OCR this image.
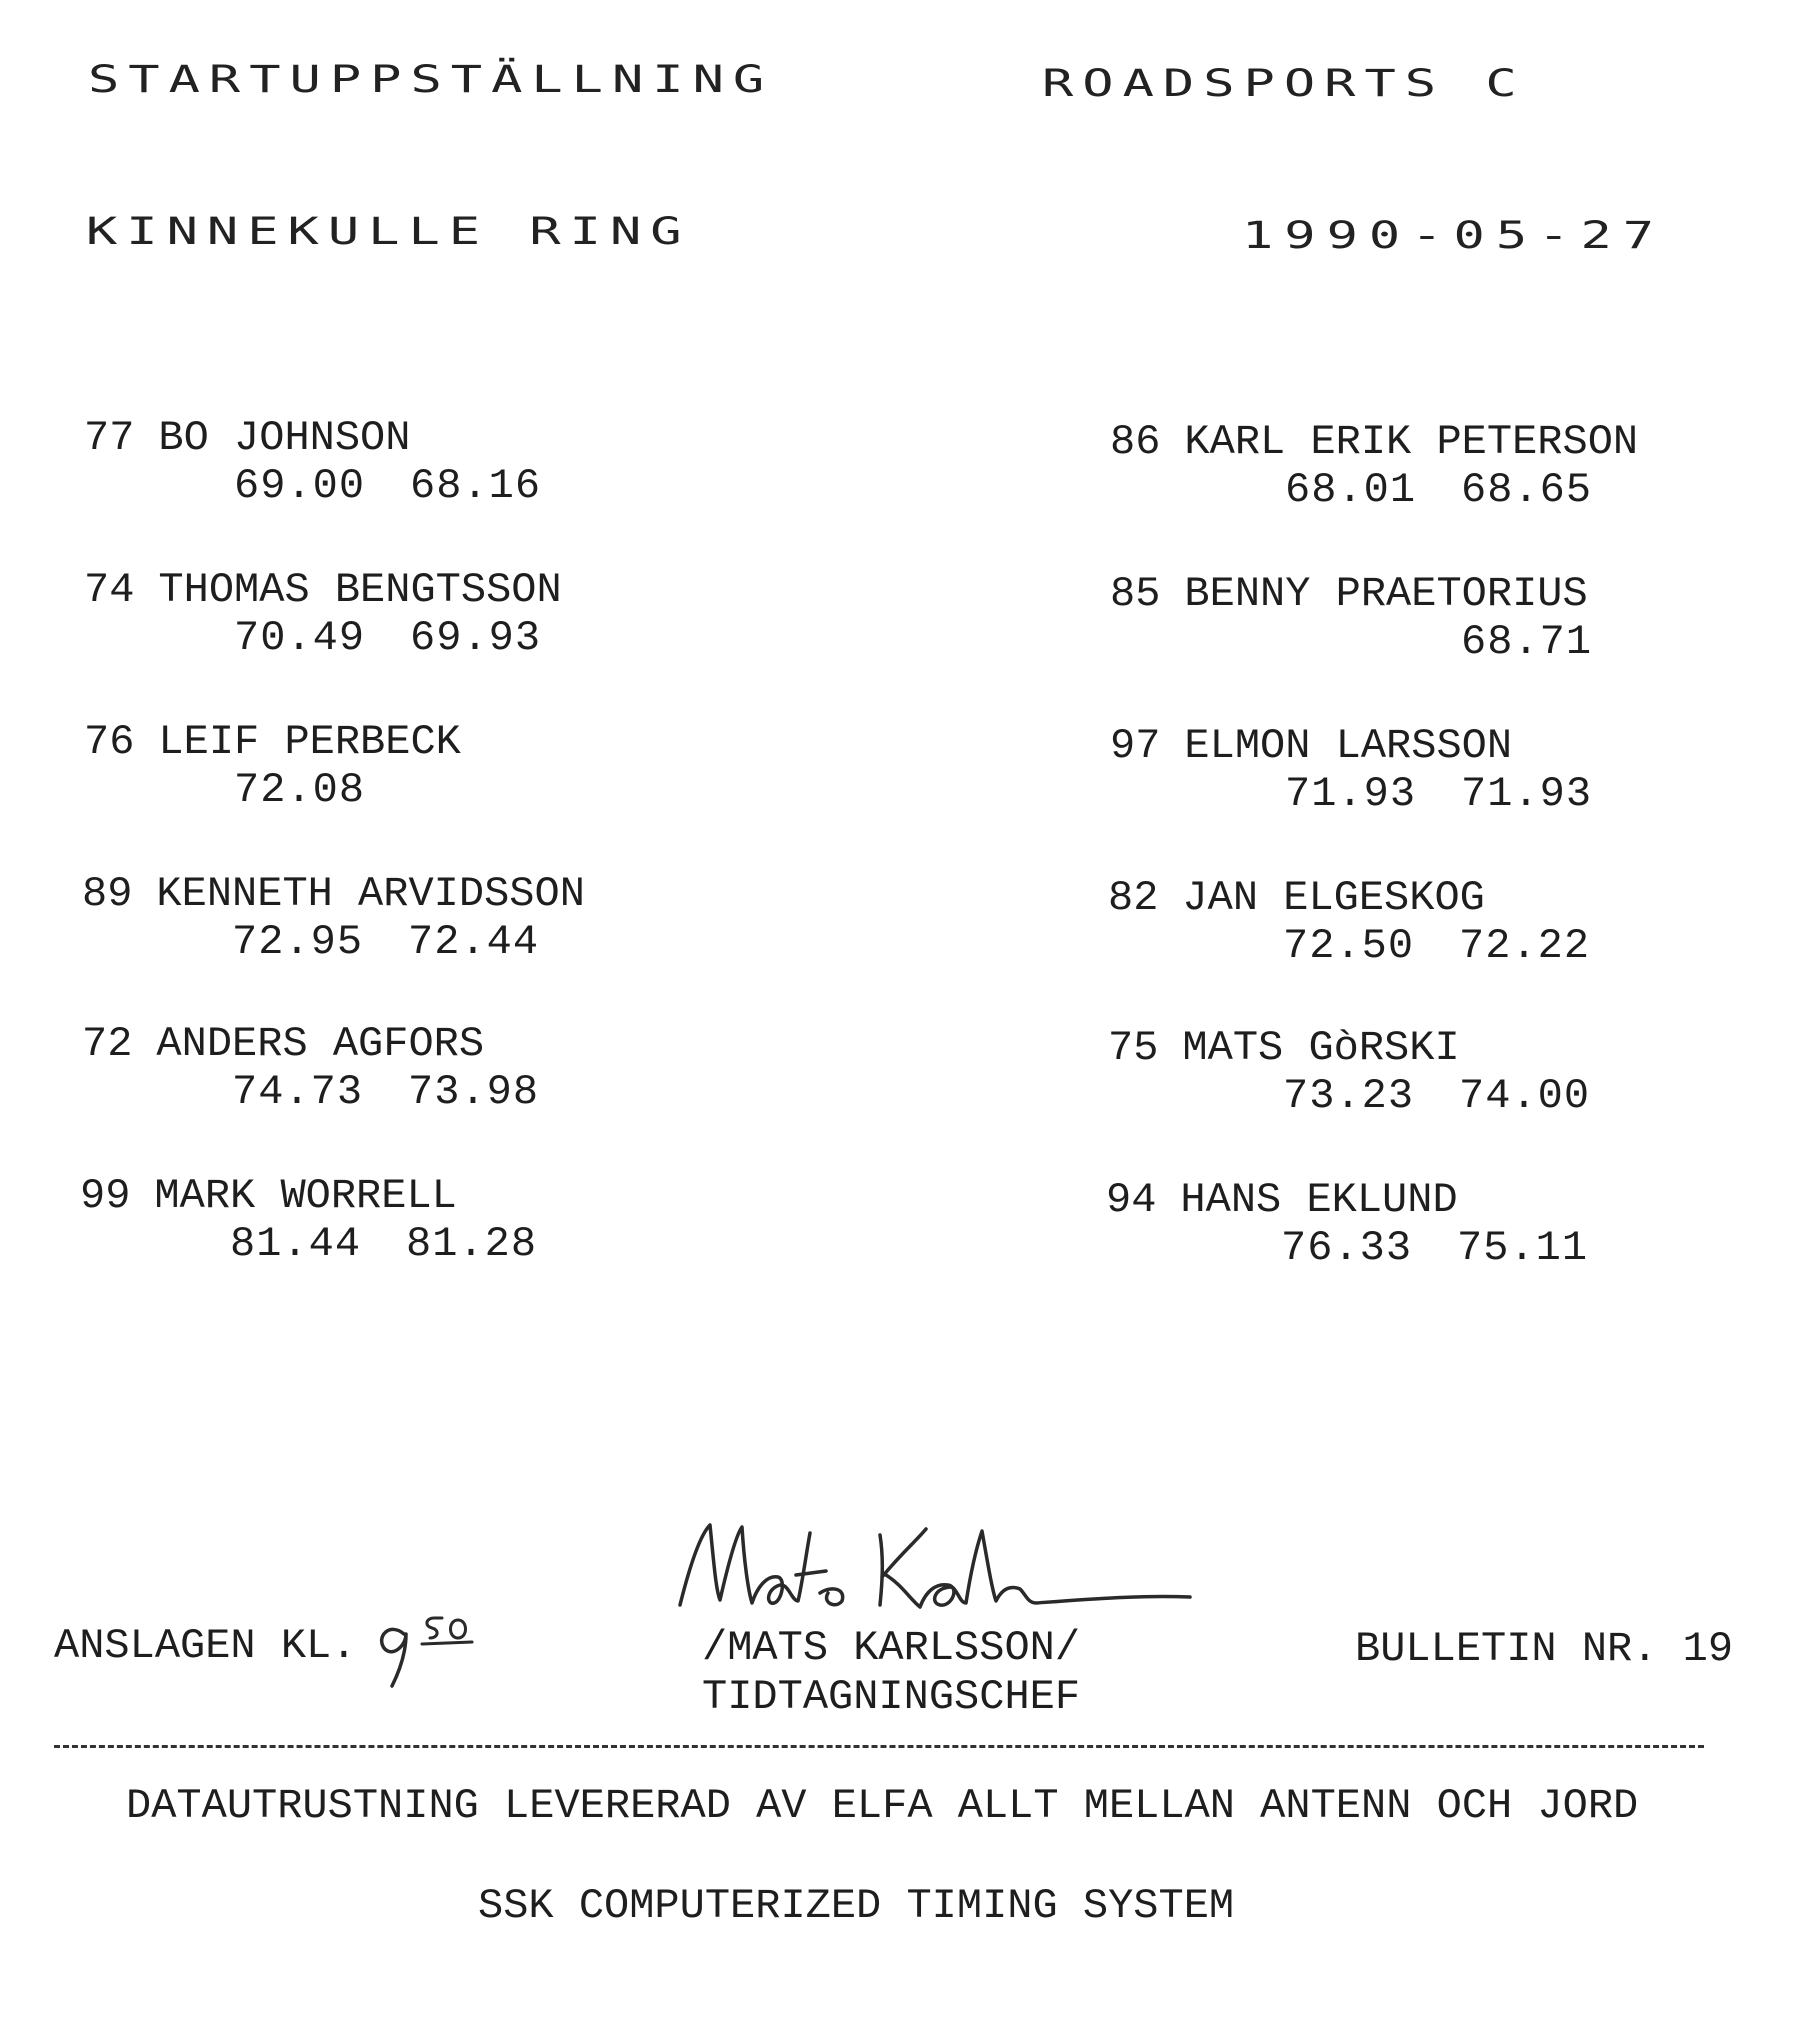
STARTUPPSTÄLLNING	ROADSPORTS C
KINNEKULLE RING	1990-05-27
77 BO JOHNSON
69.00 68.16
74 THOMAS BENGTSSON
70.49 69.93
76 LEIF PERBECK
72.08
89 KENNETH ARVIDSSON
72.95 72.44
72 ANDERS AGFORS
74.73 73.98
99 MARK WORRELL
81.44 81.28
86 KARL ERIK PETERSON
68.01 68.65
85 BENNY PRAETORIUS
68.71
97 ELMON LARSSON
71.93 71.93
82 JAN ELGESKOG
72.50 72.22
75 MATS GòRSKI
73.23 74.00
94 HANS EKLUND
76.33 75.11
ANSLAGEN KL.	/MATS KARLSSON/
TIDTAGNINGSCHEF
BULLETIN NR. 19
DATAUTRUSTNING LEVERERAD AV ELFA ALLT MELLAN ANTENN OCH JORD
SSK COMPUTERIZED TIMING SYSTEM
